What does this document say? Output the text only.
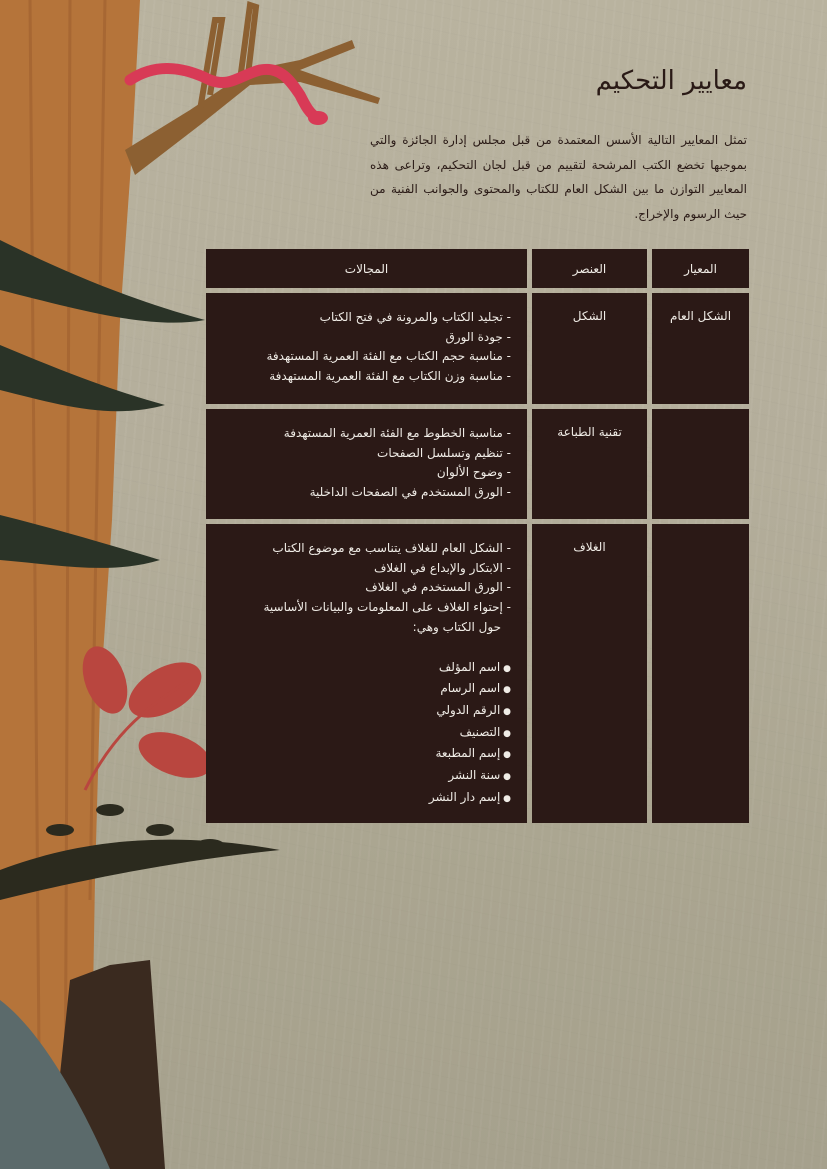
معايير التحكيم

تمثل المعايير التالية الأسس المعتمدة من قبل مجلس إدارة الجائزة والتي بموجبها تخضع الكتب المرشحة لتقييم من قبل لجان التحكيم، وتراعى هذه المعايير التوازن ما بين الشكل العام للكتاب والمحتوى والجوانب الفنية من حيث الرسوم والإخراج.

المعيار
العنصر
المجالات
الشكل العام
الشكل
- تجليد الكتاب والمرونة في فتح الكتاب
- جودة الورق
- مناسبة حجم الكتاب مع الفئة العمرية المستهدفة
- مناسبة وزن الكتاب مع الفئة العمرية المستهدفة
تقنية الطباعة
- مناسبة الخطوط مع الفئة العمرية المستهدفة
- تنظيم وتسلسل الصفحات
- وضوح الألوان
- الورق المستخدم في الصفحات الداخلية
الغلاف
- الشكل العام للغلاف يتناسب مع موضوع الكتاب
- الابتكار والإبداع في الغلاف
- الورق المستخدم في الغلاف
- إحتواء الغلاف على المعلومات والبيانات الأساسية
حول الكتاب وهي:
● اسم المؤلف
● اسم الرسام
● الرقم الدولي
● التصنيف
● إسم المطبعة
● سنة النشر
● إسم دار النشر
